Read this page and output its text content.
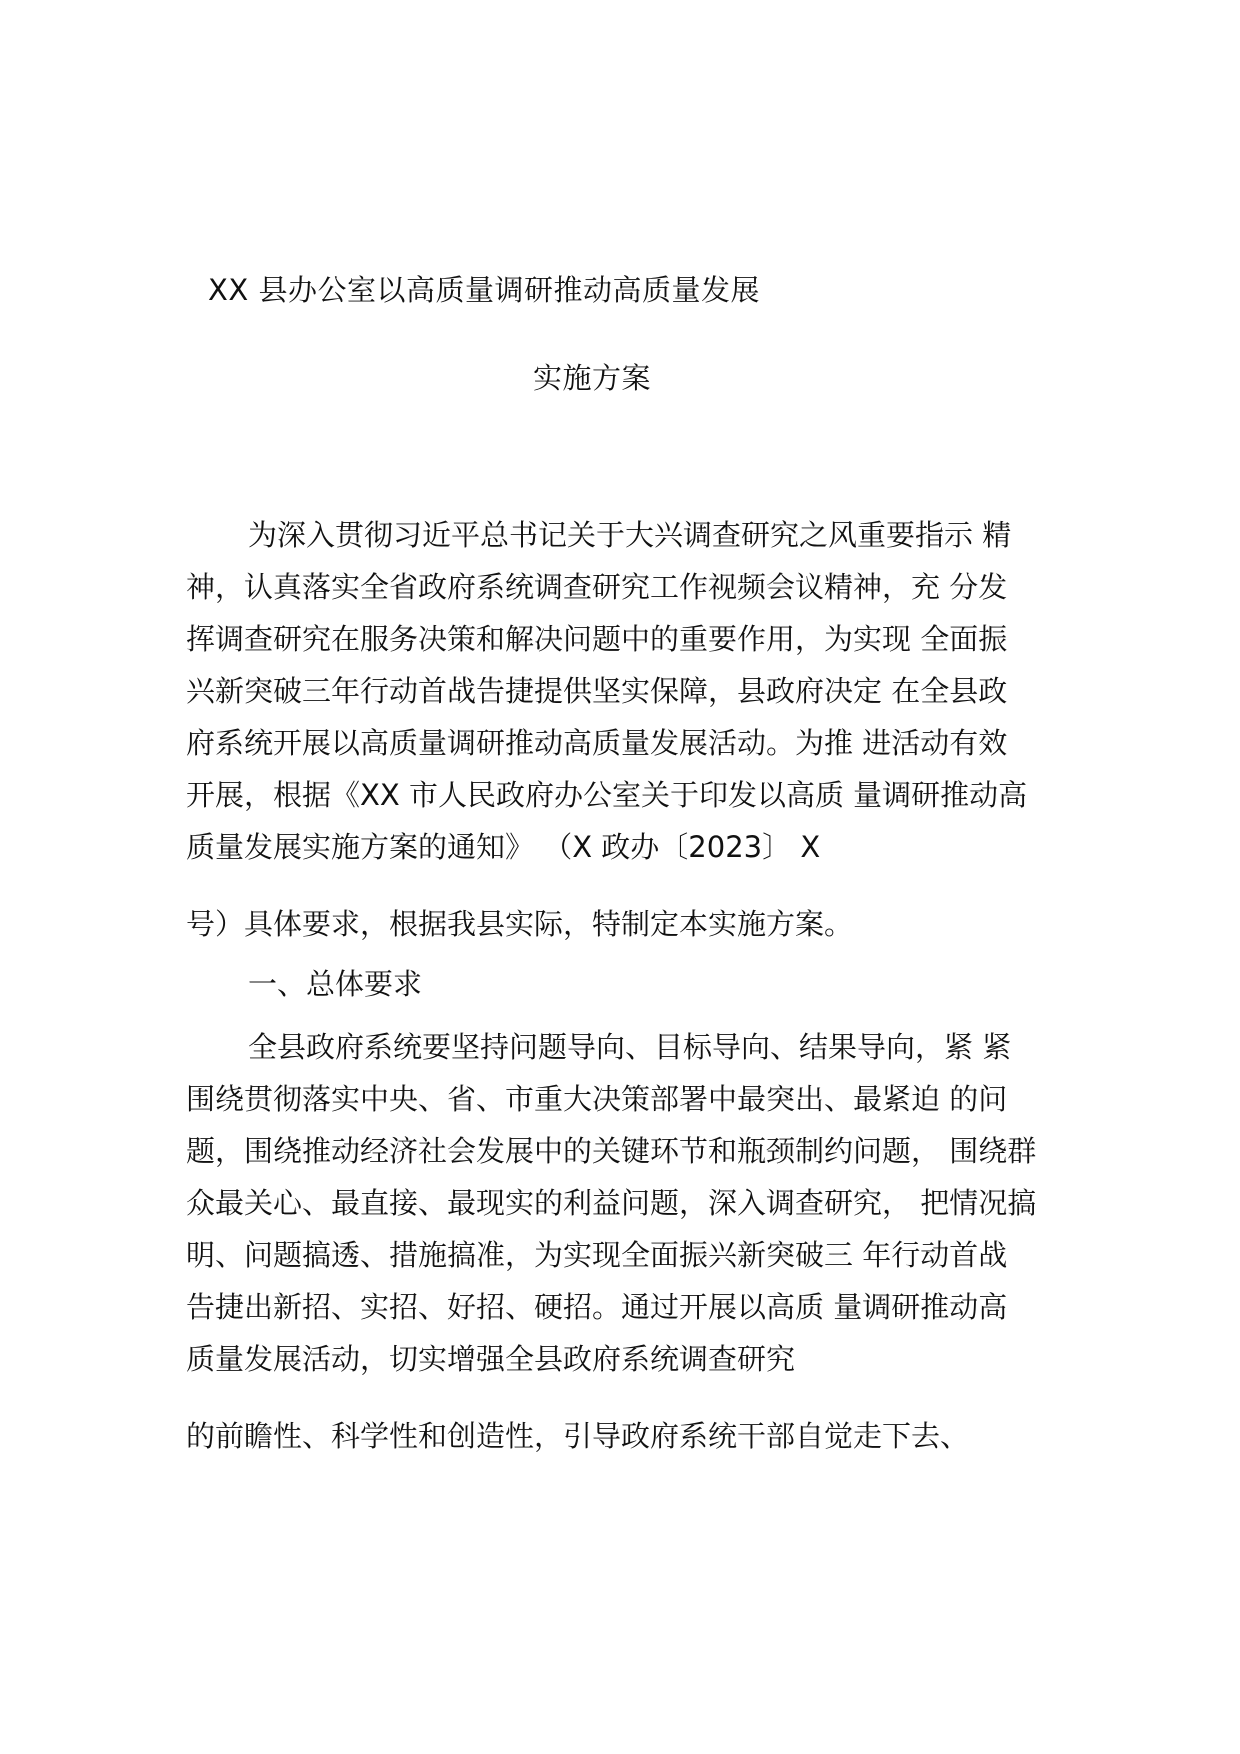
XX 县办公室以高质量调研推动高质量发展
实施方案
为深入贯彻习近平总书记关于大兴调查研究之风重要指示 精
神，认真落实全省政府系统调查研究工作视频会议精神，充 分发
挥调查研究在服务决策和解决问题中的重要作用，为实现 全面振
兴新突破三年行动首战告捷提供坚实保障，县政府决定 在全县政
府系统开展以高质量调研推动高质量发展活动。为推 进活动有效
开展，根据《XX 市人民政府办公室关于印发以高质 量调研推动高
质量发展实施方案的通知》 （X 政办〔2023〕 X
号）具体要求，根据我县实际，特制定本实施方案。
一、总体要求
全县政府系统要坚持问题导向、目标导向、结果导向，紧 紧
围绕贯彻落实中央、省、市重大决策部署中最突出、最紧迫 的问
题，围绕推动经济社会发展中的关键环节和瓶颈制约问题， 围绕群
众最关心、最直接、最现实的利益问题，深入调查研究， 把情况搞
明、问题搞透、措施搞准，为实现全面振兴新突破三 年行动首战
告捷出新招、实招、好招、硬招。通过开展以高质 量调研推动高
质量发展活动，切实增强全县政府系统调查研究
的前瞻性、科学性和创造性，引导政府系统干部自觉走下去、
